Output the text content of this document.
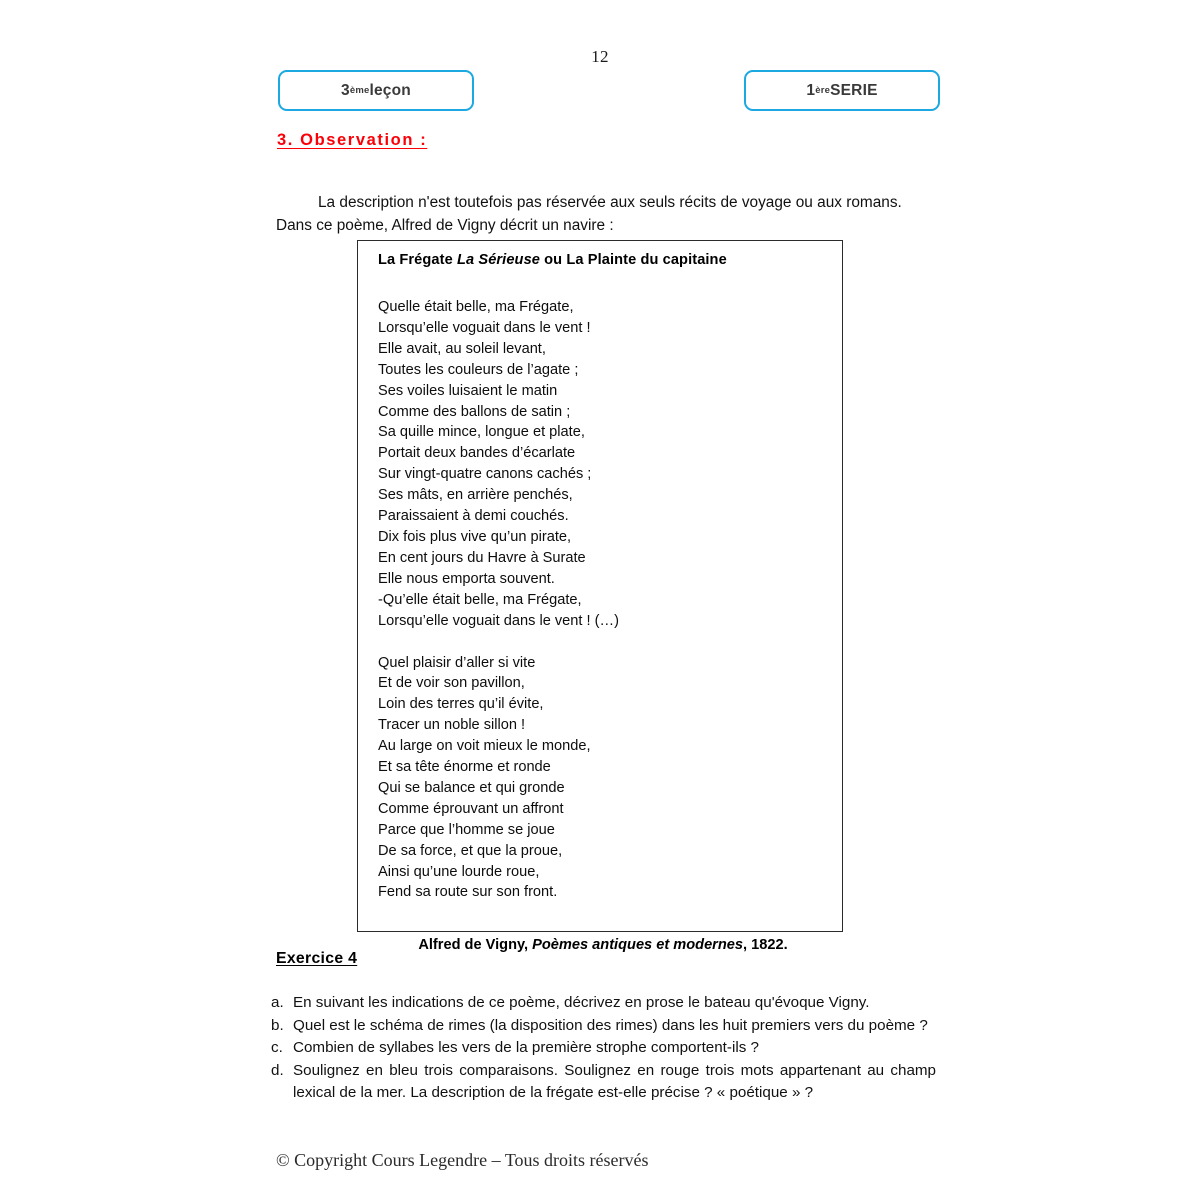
12
3 ème leçon	1 ère SERIE
3. Observation :

La description n'est toutefois pas réservée aux seuls récits de voyage ou aux romans. Dans ce poème, Alfred de Vigny décrit un navire :

La Frégate La Sérieuse ou La Plainte du capitaine
Quelle était belle, ma Frégate,
Lorsqu’elle voguait dans le vent !
Elle avait, au soleil levant,
Toutes les couleurs de l’agate ;
Ses voiles luisaient le matin
Comme des ballons de satin ;
Sa quille mince, longue et plate,
Portait deux bandes d’écarlate
Sur vingt-quatre canons cachés ;
Ses mâts, en arrière penchés,
Paraissaient à demi couchés.
Dix fois plus vive qu’un pirate,
En cent jours du Havre à Surate
Elle nous emporta souvent.
-Qu’elle était belle, ma Frégate,
Lorsqu’elle voguait dans le vent ! (…)
Quel plaisir d’aller si vite
Et de voir son pavillon,
Loin des terres qu’il évite,
Tracer un noble sillon !
Au large on voit mieux le monde,
Et sa tête énorme et ronde
Qui se balance et qui gronde
Comme éprouvant un affront
Parce que l’homme se joue
De sa force, et que la proue,
Ainsi qu’une lourde roue,
Fend sa route sur son front.
Alfred de Vigny, Poèmes antiques et modernes, 1822.
Exercice 4
a. En suivant les indications de ce poème, décrivez en prose le bateau qu'évoque Vigny.
b. Quel est le schéma de rimes (la disposition des rimes) dans les huit premiers vers du poème ?
c. Combien de syllabes les vers de la première strophe comportent-ils ?
d. Soulignez en bleu trois comparaisons. Soulignez en rouge trois mots appartenant au champ lexical de la mer. La description de la frégate est-elle précise ? « poétique » ?
© Copyright Cours Legendre – Tous droits réservés
